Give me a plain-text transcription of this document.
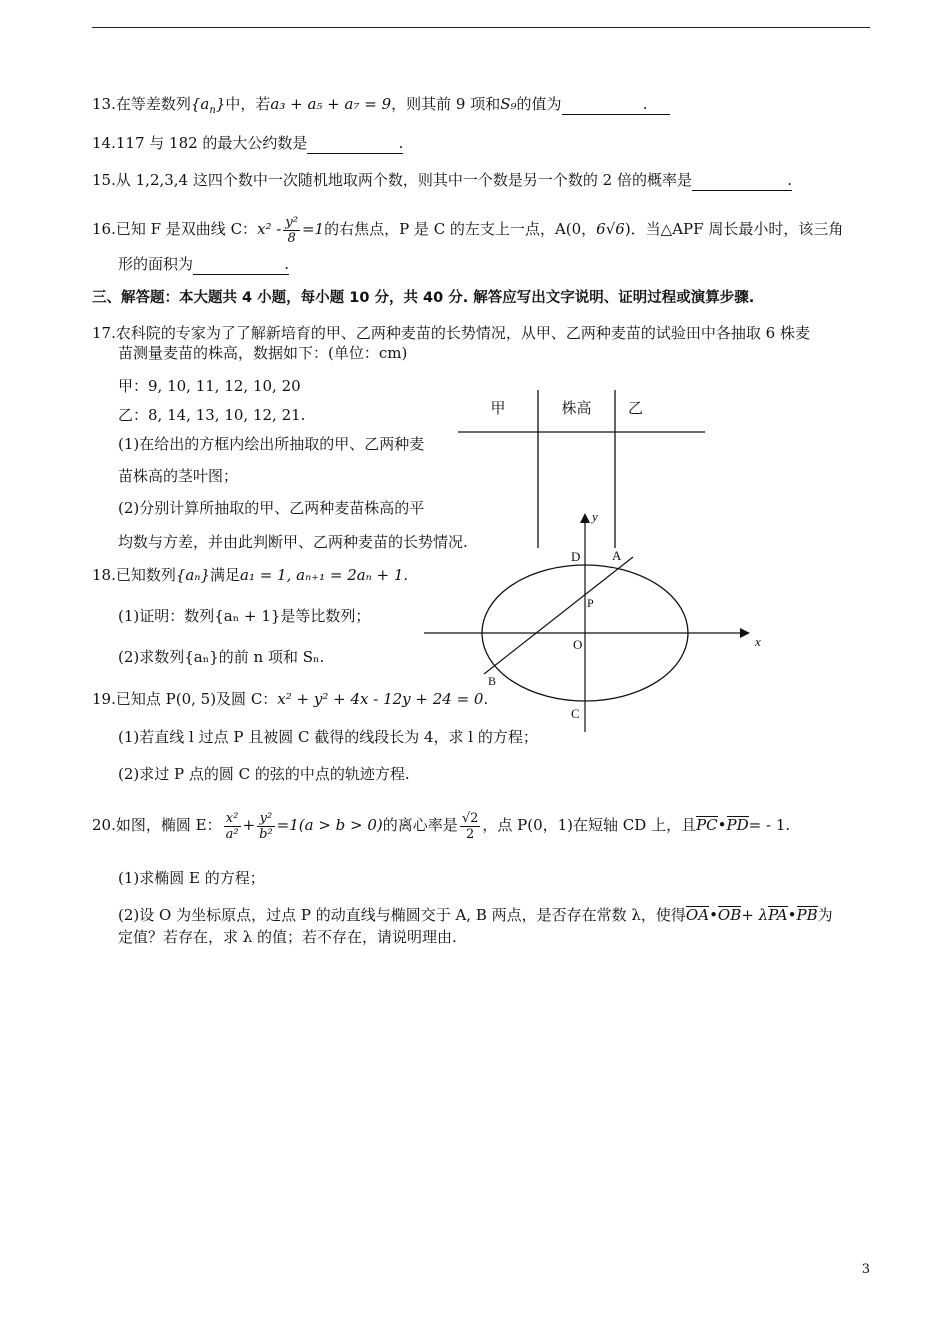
13.在等差数列$\{a_n\}$中，若a₃ + a₅ + a₇ = 9，则其前 9 项和S₉的值为	.
14.117 与 182 的最大公约数是	.
15.从 1,2,3,4 这四个数中一次随机地取两个数，则其中一个数是另一个数的 2 倍的概率是	.
16.已知 F 是双曲线 C：$x^2 - \frac{\text{y²}}{8} =1$的右焦点，P 是 C 的左支上一点，A(0，6√6)．当△APF 周长最小时，该三角
形的面积为	.
三、解答题：本大题共 4 小题，每小题 10 分，共 40 分. 解答应写出文字说明、证明过程或演算步骤.
17.农科院的专家为了了解新培育的甲、乙两种麦苗的长势情况，从甲、乙两种麦苗的试验田中各抽取 6 株麦
苗测量麦苗的株高，数据如下：(单位：cm)
甲：9, 10, 11, 12, 10, 20
乙：8, 14, 13, 10, 12, 21.
(1)在给出的方框内绘出所抽取的甲、乙两种麦
苗株高的茎叶图；
(2)分别计算所抽取的甲、乙两种麦苗株高的平
均数与方差，并由此判断甲、乙两种麦苗的长势情况.
甲	株高	乙
y
x
D A
P
O
B
C
18.已知数列{aₙ}满足a₁ = 1, aₙ₊₁ = 2aₙ + 1.
(1)证明：数列{aₙ + 1}是等比数列；
(2)求数列{aₙ}的前 n 项和 Sₙ.
19.已知点 P(0, 5)及圆 C：x² + y² + 4x - 12y + 24 = 0.
(1)若直线 l 过点 P 且被圆 C 截得的线段长为 4，求 l 的方程；
(2)求过 P 点的圆 C 的弦的中点的轨迹方程.
20.如图，椭圆 E： $\frac{\text{x²}}{\text{a²}} + \frac{\text{y²}}{\text{b²}} =1(a > b > 0)$的离心率是 $\frac{√2}{2}$ ，点 P(0，1)在短轴 CD 上，且PC•PD= - 1.
(1)求椭圆 E 的方程；
(2)设 O 为坐标原点，过点 P 的动直线与椭圆交于 A, B 两点，是否存在常数 λ，使得OA•OB+ λPA•PB为
定值？若存在，求 λ 的值；若不存在，请说明理由.
3
